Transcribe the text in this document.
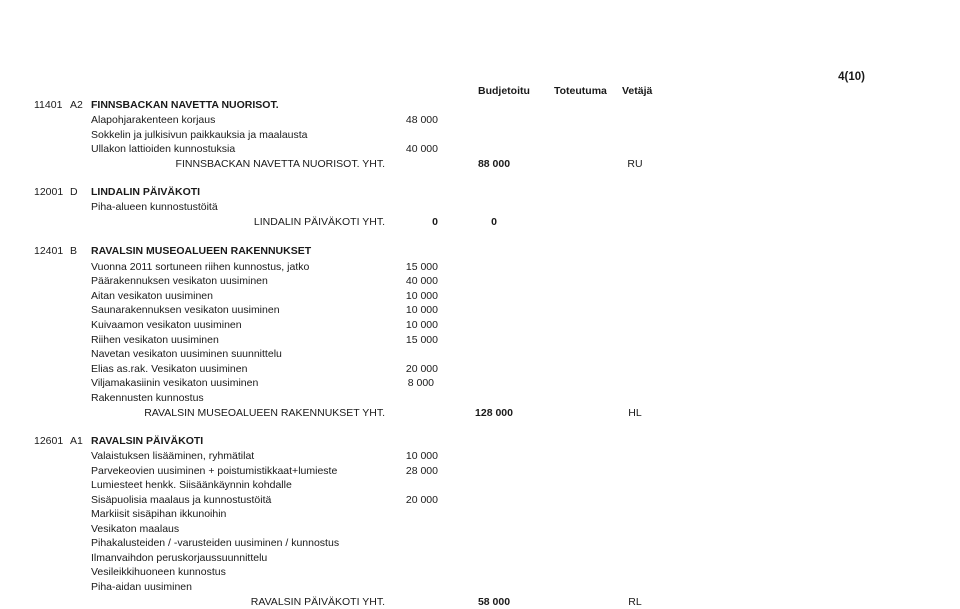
4(10)
Budjetoitu Toteutuma Vetäjä
11401 A2 FINNSBACKAN NAVETTA NUORISOT.
Alapohjarakenteen korjaus	48 000
Sokkelin ja julkisivun paikkauksia ja maalausta
Ullakon lattioiden kunnostuksia	40 000
FINNSBACKAN NAVETTA NUORISOT. YHT.	88 000	RU
12001 D LINDALIN PÄIVÄKOTI
Piha-alueen kunnostustöitä
LINDALIN PÄIVÄKOTI YHT.	0	0
12401 B RAVALSIN MUSEOALUEEN RAKENNUKSET
Vuonna 2011 sortuneen riihen kunnostus, jatko	15 000
Päärakennuksen vesikaton uusiminen	40 000
Aitan vesikaton uusiminen	10 000
Saunarakennuksen vesikaton uusiminen	10 000
Kuivaamon vesikaton uusiminen	10 000
Riihen vesikaton uusiminen	15 000
Navetan vesikaton uusiminen suunnittelu
Elias as.rak. Vesikaton uusiminen	20 000
Viljamakasiinin vesikaton uusiminen	8 000
Rakennusten kunnostus
RAVALSIN MUSEOALUEEN RAKENNUKSET YHT.	128 000	HL
12601 A1 RAVALSIN PÄIVÄKOTI
Valaistuksen lisääminen, ryhmätilat	10 000
Parvekeovien uusiminen + poistumistikkaat+lumieste	28 000
Lumiesteet henkk. Siisäänkäynnin kohdalle
Sisäpuolisia maalaus ja kunnostustöitä	20 000
Markiisit sisäpihan ikkunoihin
Vesikaton maalaus
Pihakalusteiden / -varusteiden uusiminen / kunnostus
Ilmanvaihdon peruskorjaussuunnittelu
Vesileikkihuoneen kunnostus
Piha-aidan uusiminen
RAVALSIN PÄIVÄKOTI YHT.	58 000	RL
